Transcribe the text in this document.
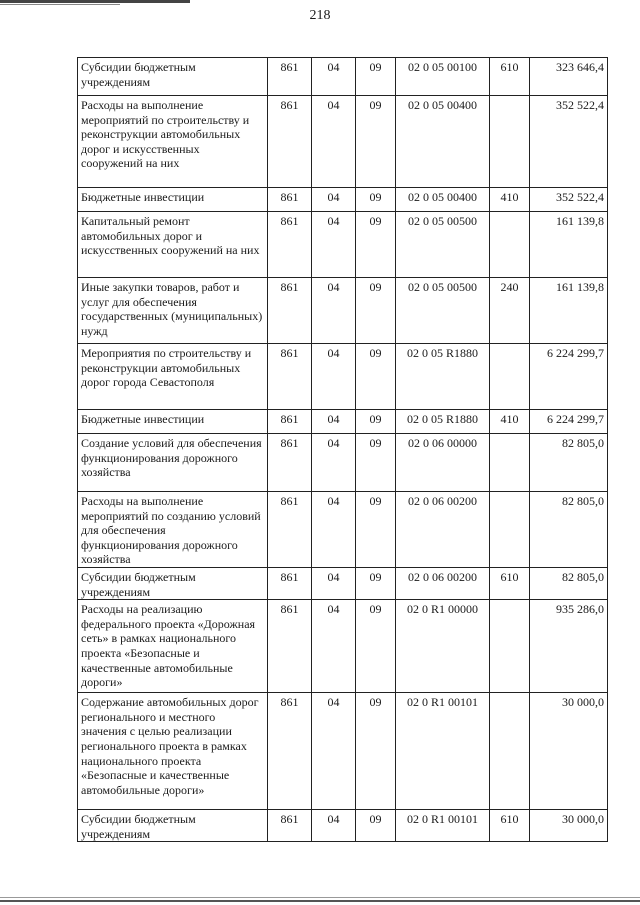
218
Субсидии бюджетным учреждениям	861	04	09	02 0 05 00100	610	323 646,4
Расходы на выполнение мероприятий по строительству и реконструкции автомобильных дорог и искусственных сооружений на них	861	04	09	02 0 05 00400		352 522,4
Бюджетные инвестиции	861	04	09	02 0 05 00400	410	352 522,4
Капитальный ремонт автомобильных дорог и искусственных сооружений на них	861	04	09	02 0 05 00500		161 139,8
Иные закупки товаров, работ и услуг для обеспечения государственных (муниципальных) нужд	861	04	09	02 0 05 00500	240	161 139,8
Мероприятия по строительству и реконструкции автомобильных дорог города Севастополя	861	04	09	02 0 05 R1880		6 224 299,7
Бюджетные инвестиции	861	04	09	02 0 05 R1880	410	6 224 299,7
Создание условий для обеспечения функционирования дорожного хозяйства	861	04	09	02 0 06 00000		82 805,0
Расходы на выполнение мероприятий по созданию условий для обеспечения функционирования дорожного хозяйства	861	04	09	02 0 06 00200		82 805,0
Субсидии бюджетным учреждениям	861	04	09	02 0 06 00200	610	82 805,0
Расходы на реализацию федерального проекта «Дорожная сеть» в рамках национального проекта «Безопасные и качественные автомобильные дороги»	861	04	09	02 0 R1 00000		935 286,0
Содержание автомобильных дорог регионального и местного значения с целью реализации регионального проекта в рамках национального проекта «Безопасные и качественные автомобильные дороги»	861	04	09	02 0 R1 00101		30 000,0
Субсидии бюджетным учреждениям	861	04	09	02 0 R1 00101	610	30 000,0
